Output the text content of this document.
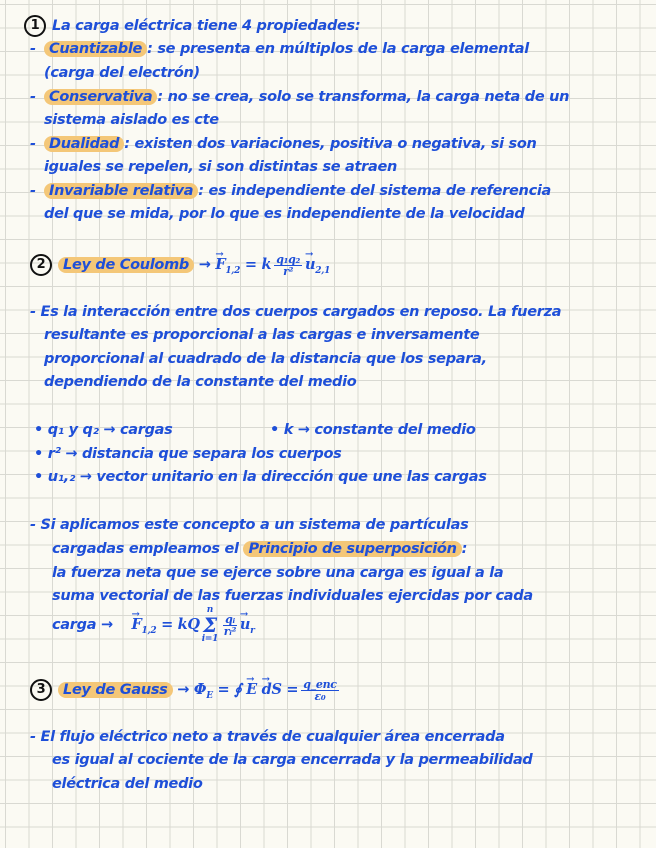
1 La carga eléctrica tiene 4 propiedades:
- Cuantizable : se presenta en múltiplos de la carga elemental
(carga del electrón)
- Conservativa : no se crea, solo se transforma, la carga neta de un
sistema aislado es cte
- Dualidad : existen dos variaciones, positiva o negativa, si son
iguales se repelen, si son distintas se atraen
- Invariable relativa : es independiente del sistema de referencia
del que se mida, por lo que es independiente de la velocidad
2 Ley de Coulomb → → $F_{1,2} = k \frac{\text{q₁q₂}}{\text{r²}}$
→ $u_{2,1}$
- Es la interacción entre dos cuerpos cargados en reposo. La fuerza
resultante es proporcional a las cargas e inversamente
proporcional al cuadrado de la distancia que los separa,
dependiendo de la constante del medio
• q₁ y q₂ → cargas	• k → constante del medio
• r² → distancia que separa los cuerpos
• u₁,₂ → vector unitario en la dirección que une las cargas
- Si aplicamos este concepto a un sistema de partículas
cargadas empleamos el Principio de superposición :
la fuerza neta que se ejerce sobre una carga es igual a la
suma vectorial de las fuerzas individuales ejercidas por cada
carga → → $F_{1,2}$ = kQn
Σ
i=1
$\frac{\text{qᵢ}}{\text{rᵢ²}}$
→ $u_r$
3 Ley de Gauss → $\Phi_E$ = ∮ → E → dS = $\frac{\text{q\_enc}}{\text{ε₀}}$
- El flujo eléctrico neto a través de cualquier área encerrada
es igual al cociente de la carga encerrada y la permeabilidad
eléctrica del medio
